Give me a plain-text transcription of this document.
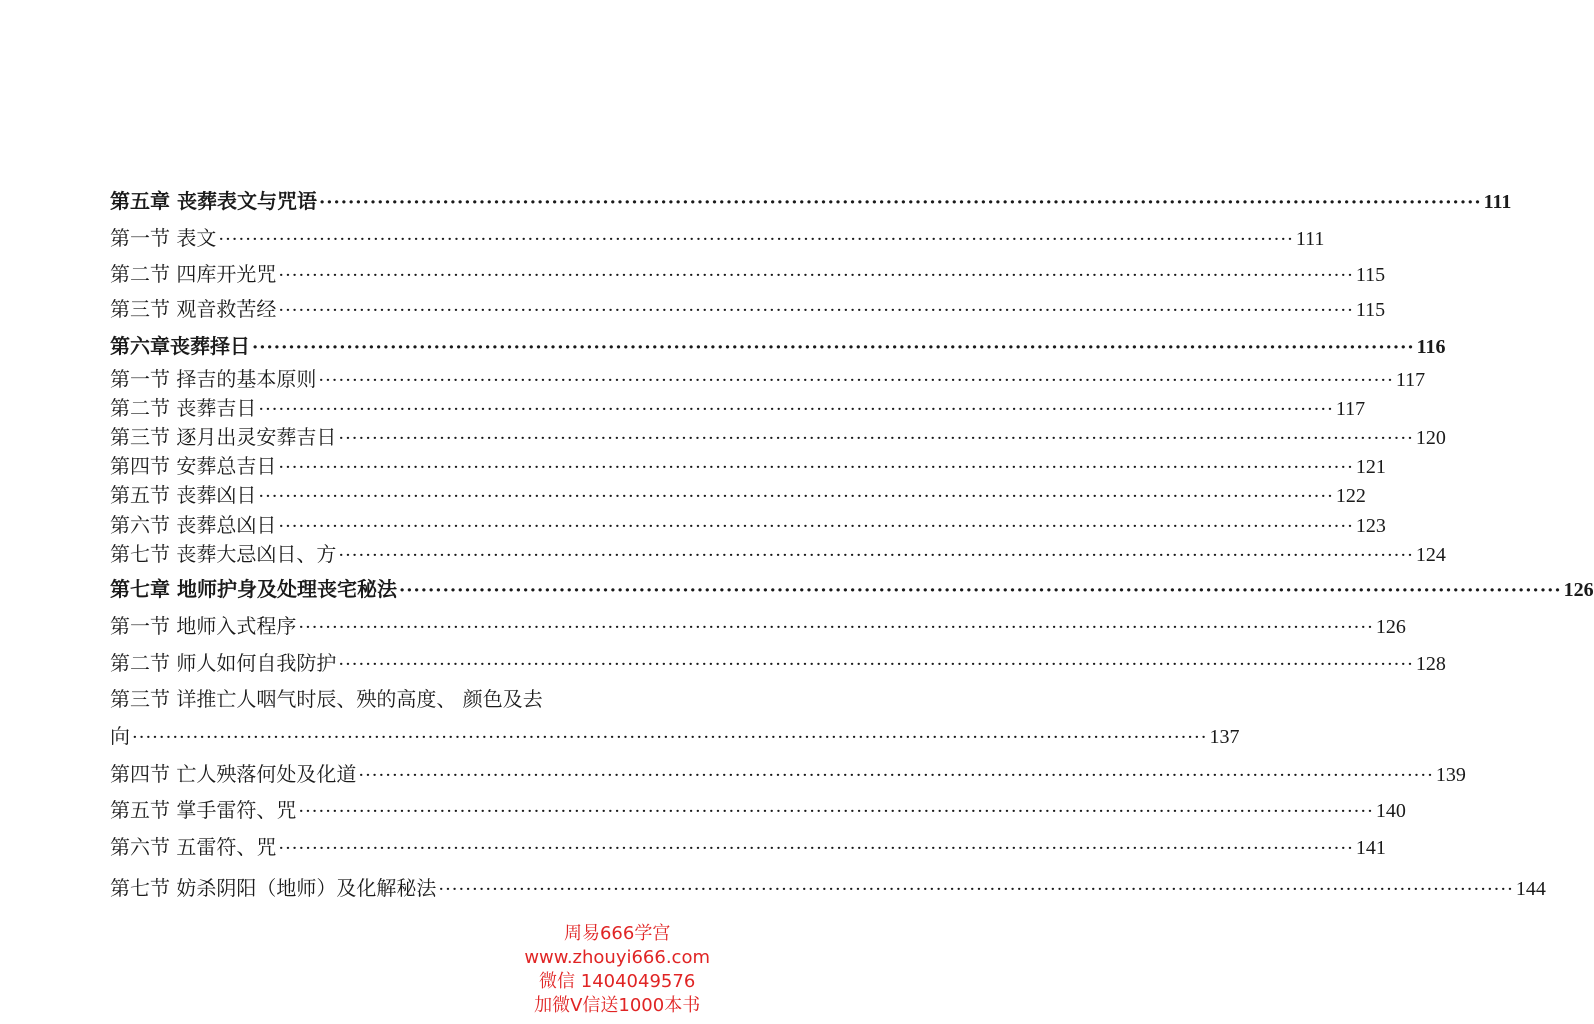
第五章 丧葬表文与咒语 ································································································································································ 111
第一节 表文 ································································································································································ 111
第二节 四库开光咒 ································································································································································ 115
第三节 观音救苦经 ································································································································································ 115
第六章丧葬择日 ································································································································································ 116
第一节 择吉的基本原则 ································································································································································ 117
第二节 丧葬吉日 ································································································································································ 117
第三节 逐月出灵安葬吉日 ································································································································································ 120
第四节 安葬总吉日 ································································································································································ 121
第五节 丧葬凶日 ································································································································································ 122
第六节 丧葬总凶日 ································································································································································ 123
第七节 丧葬大忌凶日、方 ································································································································································ 124
第七章 地师护身及处理丧宅秘法 ································································································································································ 126
第一节 地师入式程序 ································································································································································ 126
第二节 师人如何自我防护 ································································································································································ 128
第三节 详推亡人咽气时辰、殃的高度、 颜色及去
向 ································································································································································ 137
第四节 亡人殃落何处及化道 ································································································································································ 139
第五节 掌手雷符、咒 ································································································································································ 140
第六节 五雷符、咒 ································································································································································ 141
第七节 妨杀阴阳（地师）及化解秘法 ································································································································································ 144
周易666学宫
www.zhouyi666.com
微信 1404049576
加微V信送1000本书
